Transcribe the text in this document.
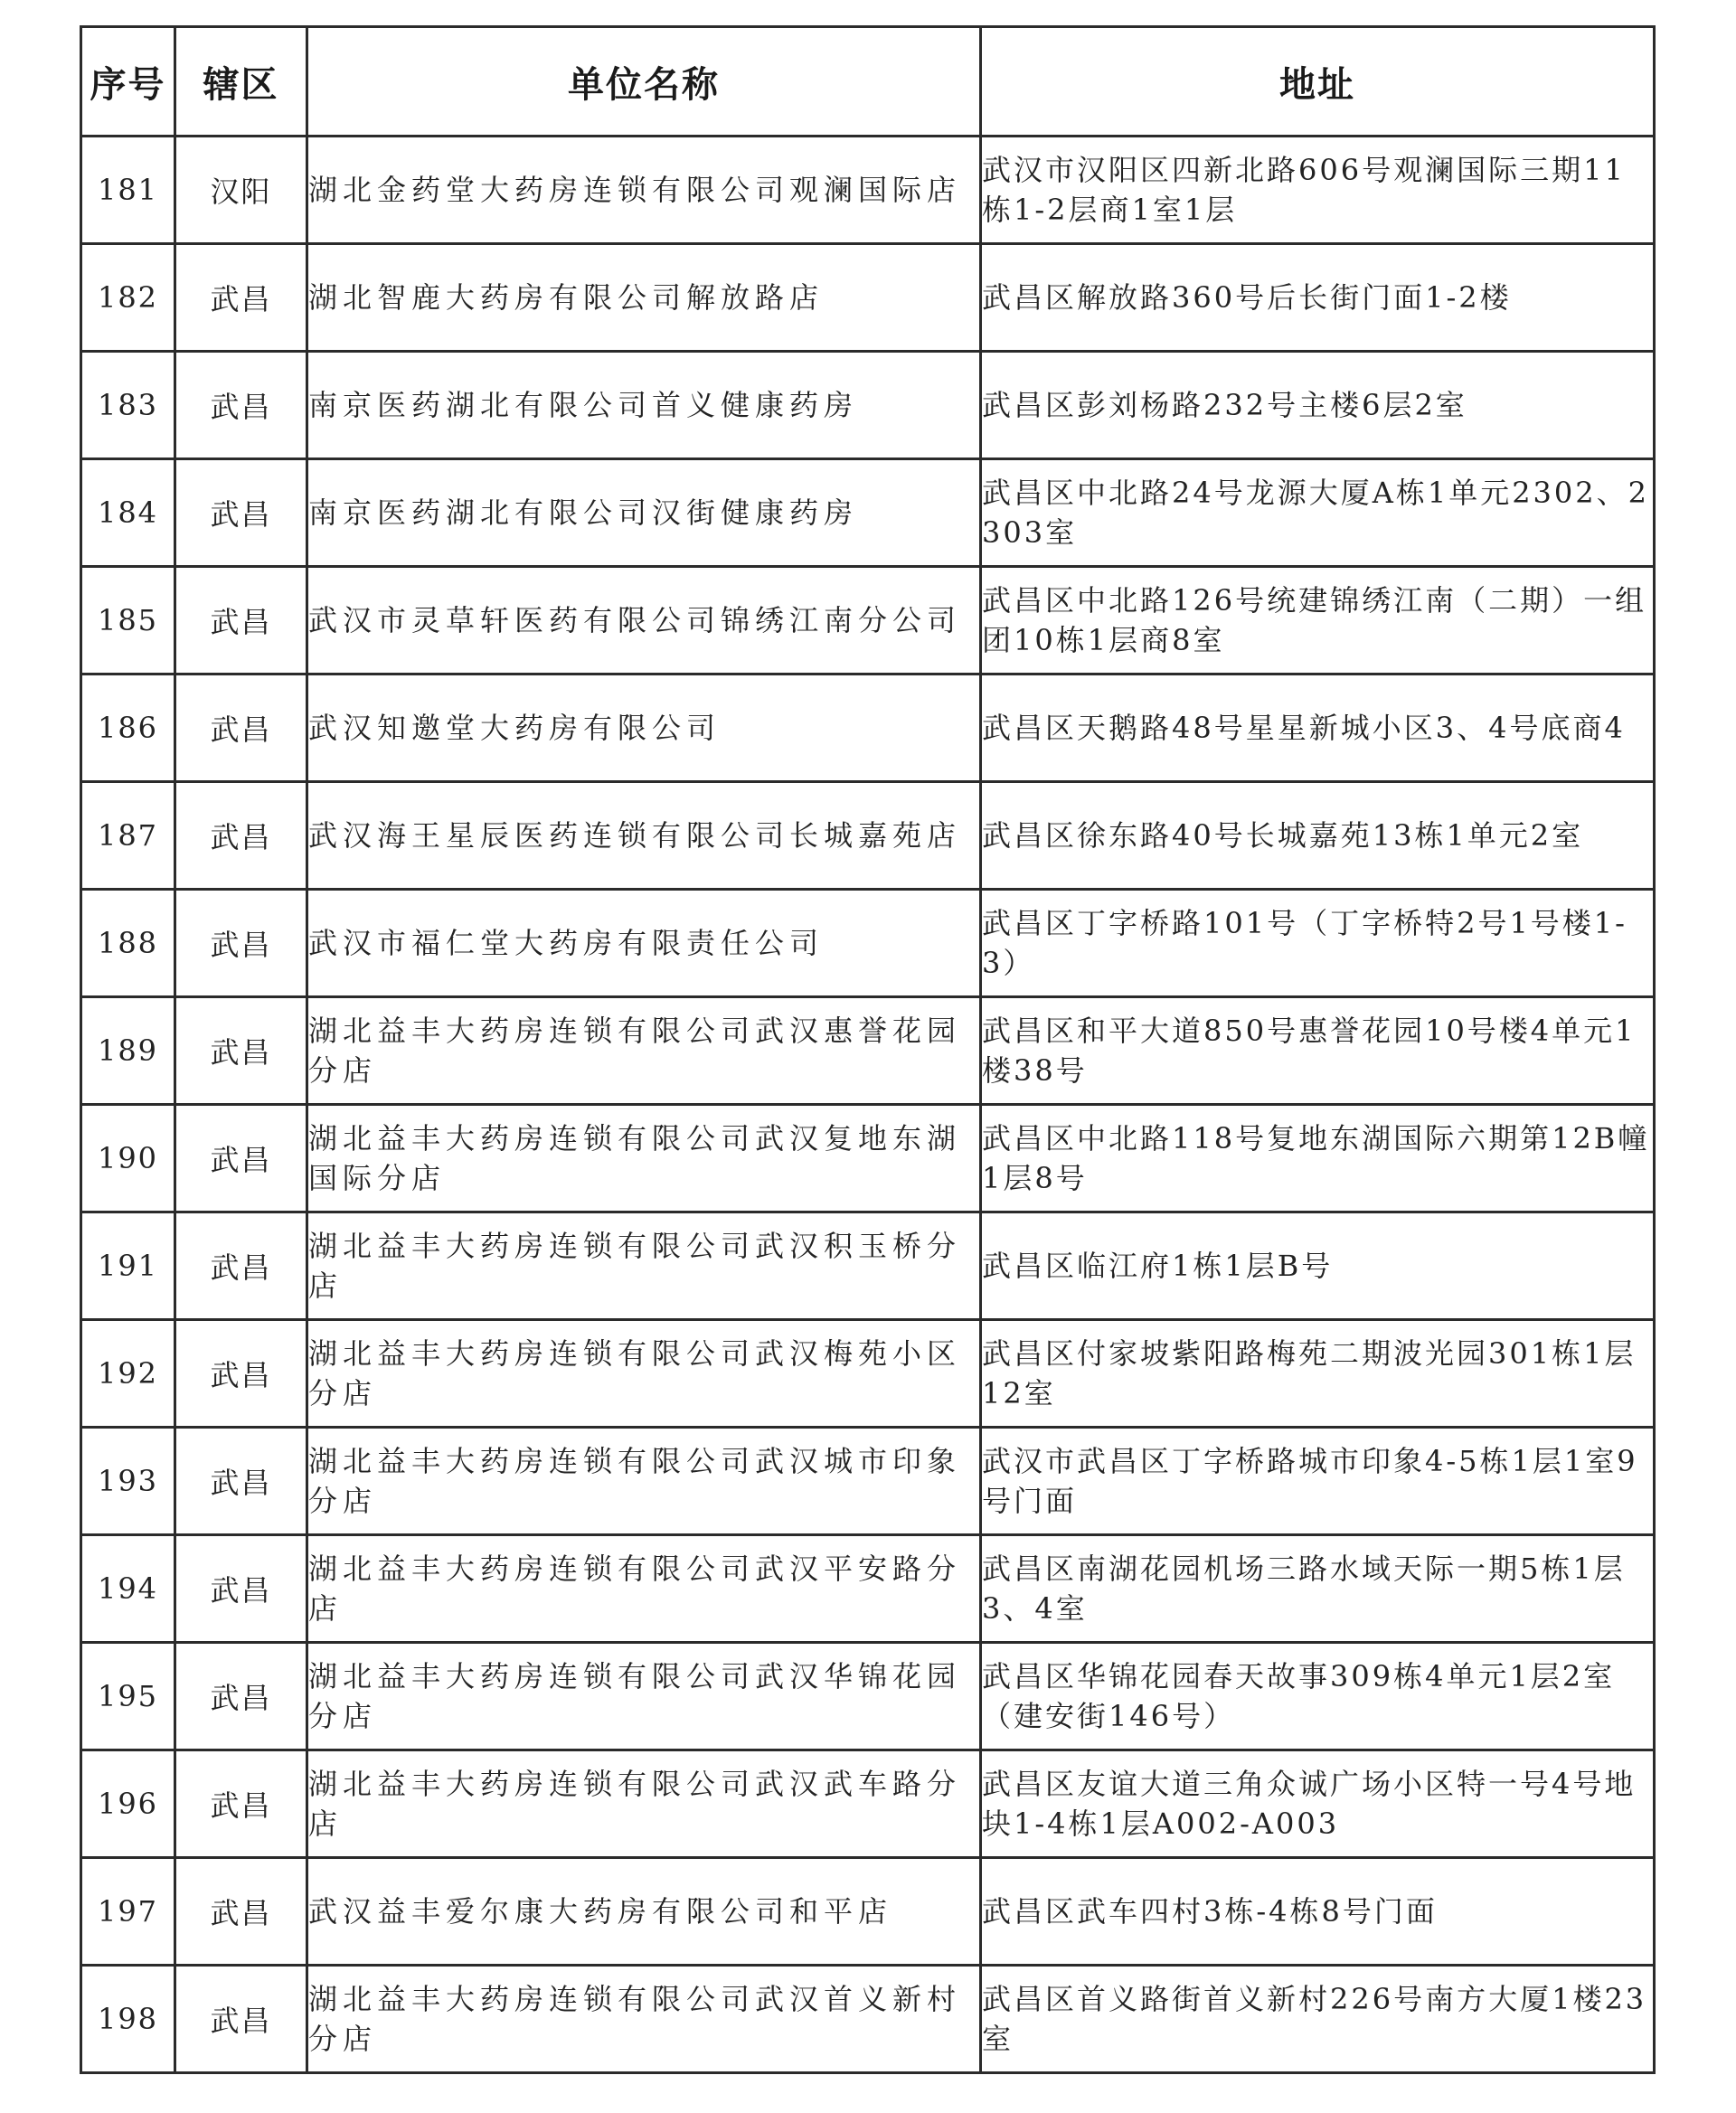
序号	辖区	单位名称	地址
181	汉阳	湖北金药堂大药房连锁有限公司观澜国际店	武汉市汉阳区四新北路606号观澜国际三期11栋1-2层商1室1层
182	武昌	湖北智鹿大药房有限公司解放路店	武昌区解放路360号后长街门面1-2楼
183	武昌	南京医药湖北有限公司首义健康药房	武昌区彭刘杨路232号主楼6层2室
184	武昌	南京医药湖北有限公司汉街健康药房	武昌区中北路24号龙源大厦A栋1单元2302、2303室
185	武昌	武汉市灵草轩医药有限公司锦绣江南分公司	武昌区中北路126号统建锦绣江南（二期）一组团10栋1层商8室
186	武昌	武汉知邀堂大药房有限公司	武昌区天鹅路48号星星新城小区3、4号底商4
187	武昌	武汉海王星辰医药连锁有限公司长城嘉苑店	武昌区徐东路40号长城嘉苑13栋1单元2室
188	武昌	武汉市福仁堂大药房有限责任公司	武昌区丁字桥路101号（丁字桥特2号1号楼1-3）
189	武昌	湖北益丰大药房连锁有限公司武汉惠誉花园分店	武昌区和平大道850号惠誉花园10号楼4单元1楼38号
190	武昌	湖北益丰大药房连锁有限公司武汉复地东湖国际分店	武昌区中北路118号复地东湖国际六期第12B幢1层8号
191	武昌	湖北益丰大药房连锁有限公司武汉积玉桥分店	武昌区临江府1栋1层B号
192	武昌	湖北益丰大药房连锁有限公司武汉梅苑小区分店	武昌区付家坡紫阳路梅苑二期波光园301栋1层12室
193	武昌	湖北益丰大药房连锁有限公司武汉城市印象分店	武汉市武昌区丁字桥路城市印象4-5栋1层1室9号门面
194	武昌	湖北益丰大药房连锁有限公司武汉平安路分店	武昌区南湖花园机场三路水域天际一期5栋1层3、4室
195	武昌	湖北益丰大药房连锁有限公司武汉华锦花园分店	武昌区华锦花园春天故事309栋4单元1层2室（建安街146号）
196	武昌	湖北益丰大药房连锁有限公司武汉武车路分店	武昌区友谊大道三角众诚广场小区特一号4号地块1-4栋1层A002-A003
197	武昌	武汉益丰爱尔康大药房有限公司和平店	武昌区武车四村3栋-4栋8号门面
198	武昌	湖北益丰大药房连锁有限公司武汉首义新村分店	武昌区首义路街首义新村226号南方大厦1楼23室
